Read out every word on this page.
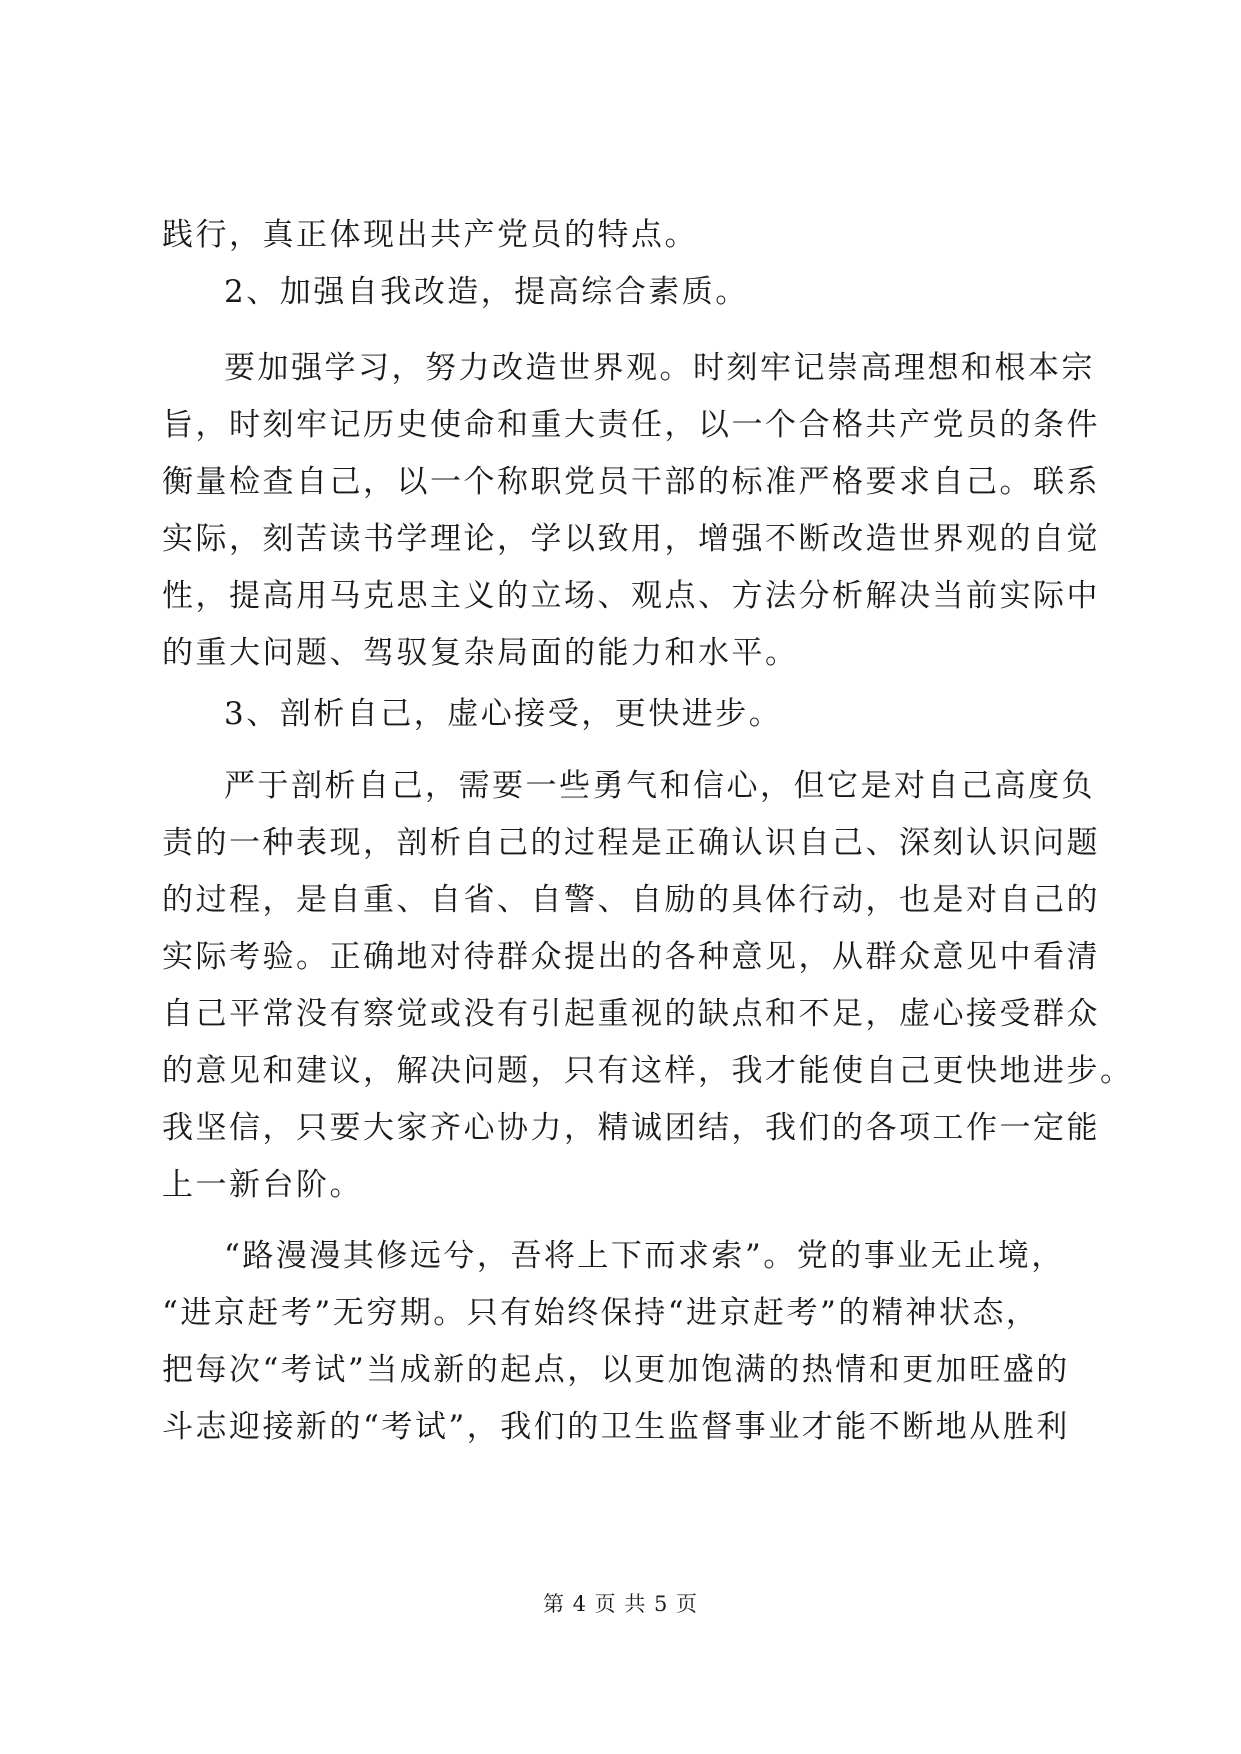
践行，真正体现出共产党员的特点。
2、加强自我改造，提高综合素质。
要加强学习，努力改造世界观。时刻牢记崇高理想和根本宗
旨，时刻牢记历史使命和重大责任，以一个合格共产党员的条件
衡量检查自己，以一个称职党员干部的标准严格要求自己。联系
实际，刻苦读书学理论，学以致用，增强不断改造世界观的自觉
性，提高用马克思主义的立场、观点、方法分析解决当前实际中
的重大问题、驾驭复杂局面的能力和水平。
3、剖析自己，虚心接受，更快进步。
严于剖析自己，需要一些勇气和信心，但它是对自己高度负
责的一种表现，剖析自己的过程是正确认识自己、深刻认识问题
的过程，是自重、自省、自警、自励的具体行动，也是对自己的
实际考验。正确地对待群众提出的各种意见，从群众意见中看清
自己平常没有察觉或没有引起重视的缺点和不足，虚心接受群众
的意见和建议，解决问题，只有这样，我才能使自己更快地进步。
我坚信，只要大家齐心协力，精诚团结，我们的各项工作一定能
上一新台阶。
“路漫漫其修远兮，吾将上下而求索”。党的事业无止境，
“进京赶考”无穷期。只有始终保持“进京赶考”的精神状态，
把每次“考试”当成新的起点，以更加饱满的热情和更加旺盛的
斗志迎接新的“考试”，我们的卫生监督事业才能不断地从胜利
第 4 页 共 5 页
